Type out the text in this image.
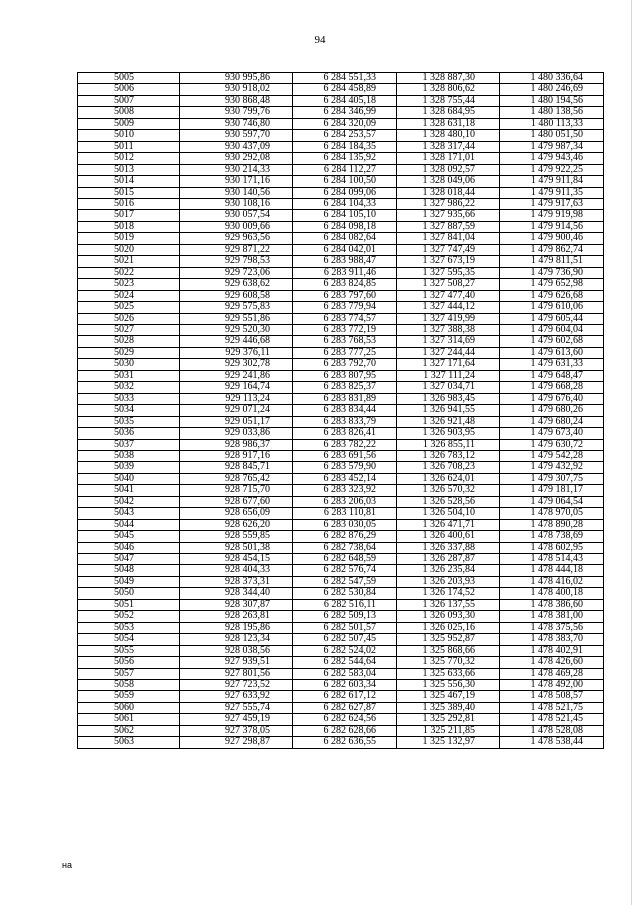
94
5005	930 995,86	6 284 551,33	1 328 887,30	1 480 336,64
5006	930 918,02	6 284 458,89	1 328 806,62	1 480 246,69
5007	930 868,48	6 284 405,18	1 328 755,44	1 480 194,56
5008	930 799,76	6 284 346,99	1 328 684,95	1 480 138,56
5009	930 746,80	6 284 320,09	1 328 631,18	1 480 113,33
5010	930 597,70	6 284 253,57	1 328 480,10	1 480 051,50
5011	930 437,09	6 284 184,35	1 328 317,44	1 479 987,34
5012	930 292,08	6 284 135,92	1 328 171,01	1 479 943,46
5013	930 214,33	6 284 112,27	1 328 092,57	1 479 922,25
5014	930 171,16	6 284 100,50	1 328 049,06	1 479 911,84
5015	930 140,56	6 284 099,06	1 328 018,44	1 479 911,35
5016	930 108,16	6 284 104,33	1 327 986,22	1 479 917,63
5017	930 057,54	6 284 105,10	1 327 935,66	1 479 919,98
5018	930 009,66	6 284 098,18	1 327 887,59	1 479 914,56
5019	929 963,56	6 284 082,64	1 327 841,04	1 479 900,46
5020	929 871,22	6 284 042,01	1 327 747,49	1 479 862,74
5021	929 798,53	6 283 988,47	1 327 673,19	1 479 811,51
5022	929 723,06	6 283 911,46	1 327 595,35	1 479 736,90
5023	929 638,62	6 283 824,85	1 327 508,27	1 479 652,98
5024	929 608,58	6 283 797,60	1 327 477,40	1 479 626,68
5025	929 575,83	6 283 779,94	1 327 444,12	1 479 610,06
5026	929 551,86	6 283 774,57	1 327 419,99	1 479 605,44
5027	929 520,30	6 283 772,19	1 327 388,38	1 479 604,04
5028	929 446,68	6 283 768,53	1 327 314,69	1 479 602,68
5029	929 376,11	6 283 777,25	1 327 244,44	1 479 613,60
5030	929 302,78	6 283 792,70	1 327 171,64	1 479 631,33
5031	929 241,86	6 283 807,95	1 327 111,24	1 479 648,47
5032	929 164,74	6 283 825,37	1 327 034,71	1 479 668,28
5033	929 113,24	6 283 831,89	1 326 983,45	1 479 676,40
5034	929 071,24	6 283 834,44	1 326 941,55	1 479 680,26
5035	929 051,17	6 283 833,79	1 326 921,48	1 479 680,24
5036	929 033,86	6 283 826,41	1 326 903,95	1 479 673,40
5037	928 986,37	6 283 782,22	1 326 855,11	1 479 630,72
5038	928 917,16	6 283 691,56	1 326 783,12	1 479 542,28
5039	928 845,71	6 283 579,90	1 326 708,23	1 479 432,92
5040	928 765,42	6 283 452,14	1 326 624,01	1 479 307,75
5041	928 715,70	6 283 323,92	1 326 570,32	1 479 181,17
5042	928 677,60	6 283 206,03	1 326 528,56	1 479 064,54
5043	928 656,09	6 283 110,81	1 326 504,10	1 478 970,05
5044	928 626,20	6 283 030,05	1 326 471,71	1 478 890,28
5045	928 559,85	6 282 876,29	1 326 400,61	1 478 738,69
5046	928 501,38	6 282 738,64	1 326 337,88	1 478 602,95
5047	928 454,15	6 282 648,59	1 326 287,87	1 478 514,43
5048	928 404,33	6 282 576,74	1 326 235,84	1 478 444,18
5049	928 373,31	6 282 547,59	1 326 203,93	1 478 416,02
5050	928 344,40	6 282 530,84	1 326 174,52	1 478 400,18
5051	928 307,87	6 282 516,11	1 326 137,55	1 478 386,60
5052	928 263,81	6 282 509,13	1 326 093,30	1 478 381,00
5053	928 195,86	6 282 501,57	1 326 025,16	1 478 375,56
5054	928 123,34	6 282 507,45	1 325 952,87	1 478 383,70
5055	928 038,56	6 282 524,02	1 325 868,66	1 478 402,91
5056	927 939,51	6 282 544,64	1 325 770,32	1 478 426,60
5057	927 801,56	6 282 583,04	1 325 633,66	1 478 469,28
5058	927 723,52	6 282 603,34	1 325 556,30	1 478 492,00
5059	927 633,92	6 282 617,12	1 325 467,19	1 478 508,57
5060	927 555,74	6 282 627,87	1 325 389,40	1 478 521,75
5061	927 459,19	6 282 624,56	1 325 292,81	1 478 521,45
5062	927 378,05	6 282 628,66	1 325 211,85	1 478 528,08
5063	927 298,87	6 282 636,55	1 325 132,97	1 478 538,44
на
